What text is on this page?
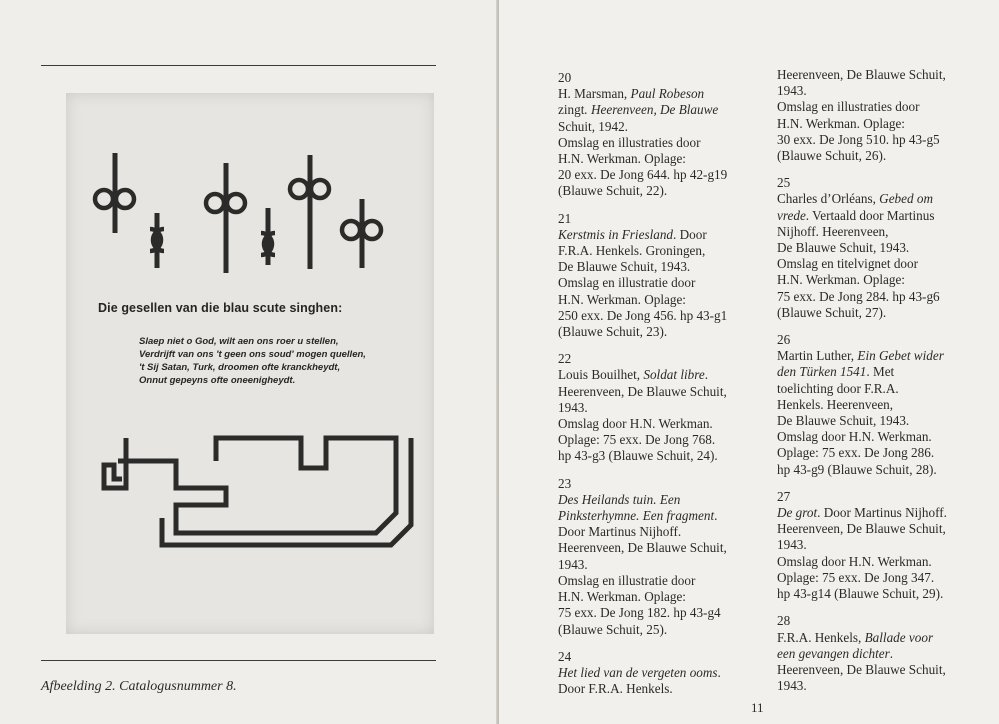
Die gesellen van die blau scute singhen:
Slaep niet o God, wilt aen ons roer u stellen,
Verdrijft van ons 't geen ons soud' mogen quellen,
't Sij Satan, Turk, droomen ofte kranckheydt,
Onnut gepeyns ofte oneenigheydt.
Afbeelding 2. Catalogusnummer 8.
20
H. Marsman, Paul Robeson
zingt. Heerenveen, De Blauwe
Schuit, 1942.
Omslag en illustraties door
H.N. Werkman. Oplage:
20 exx. De Jong 644. hp 42-g19
(Blauwe Schuit, 22).
21
Kerstmis in Friesland. Door
F.R.A. Henkels. Groningen,
De Blauwe Schuit, 1943.
Omslag en illustratie door
H.N. Werkman. Oplage:
250 exx. De Jong 456. hp 43-g1
(Blauwe Schuit, 23).
22
Louis Bouilhet, Soldat libre.
Heerenveen, De Blauwe Schuit,
1943.
Omslag door H.N. Werkman.
Oplage: 75 exx. De Jong 768.
hp 43-g3 (Blauwe Schuit, 24).
23
Des Heilands tuin. Een
Pinksterhymne. Een fragment.
Door Martinus Nijhoff.
Heerenveen, De Blauwe Schuit,
1943.
Omslag en illustratie door
H.N. Werkman. Oplage:
75 exx. De Jong 182. hp 43-g4
(Blauwe Schuit, 25).
24
Het lied van de vergeten ooms.
Door F.R.A. Henkels.
Heerenveen, De Blauwe Schuit,
1943.
Omslag en illustraties door
H.N. Werkman. Oplage:
30 exx. De Jong 510. hp 43-g5
(Blauwe Schuit, 26).
25
Charles d’Orléans, Gebed om
vrede. Vertaald door Martinus
Nijhoff. Heerenveen,
De Blauwe Schuit, 1943.
Omslag en titelvignet door
H.N. Werkman. Oplage:
75 exx. De Jong 284. hp 43-g6
(Blauwe Schuit, 27).
26
Martin Luther, Ein Gebet wider
den Türken 1541. Met
toelichting door F.R.A.
Henkels. Heerenveen,
De Blauwe Schuit, 1943.
Omslag door H.N. Werkman.
Oplage: 75 exx. De Jong 286.
hp 43-g9 (Blauwe Schuit, 28).
27
De grot. Door Martinus Nijhoff.
Heerenveen, De Blauwe Schuit,
1943.
Omslag door H.N. Werkman.
Oplage: 75 exx. De Jong 347.
hp 43-g14 (Blauwe Schuit, 29).
28
F.R.A. Henkels, Ballade voor
een gevangen dichter.
Heerenveen, De Blauwe Schuit,
1943.
11
